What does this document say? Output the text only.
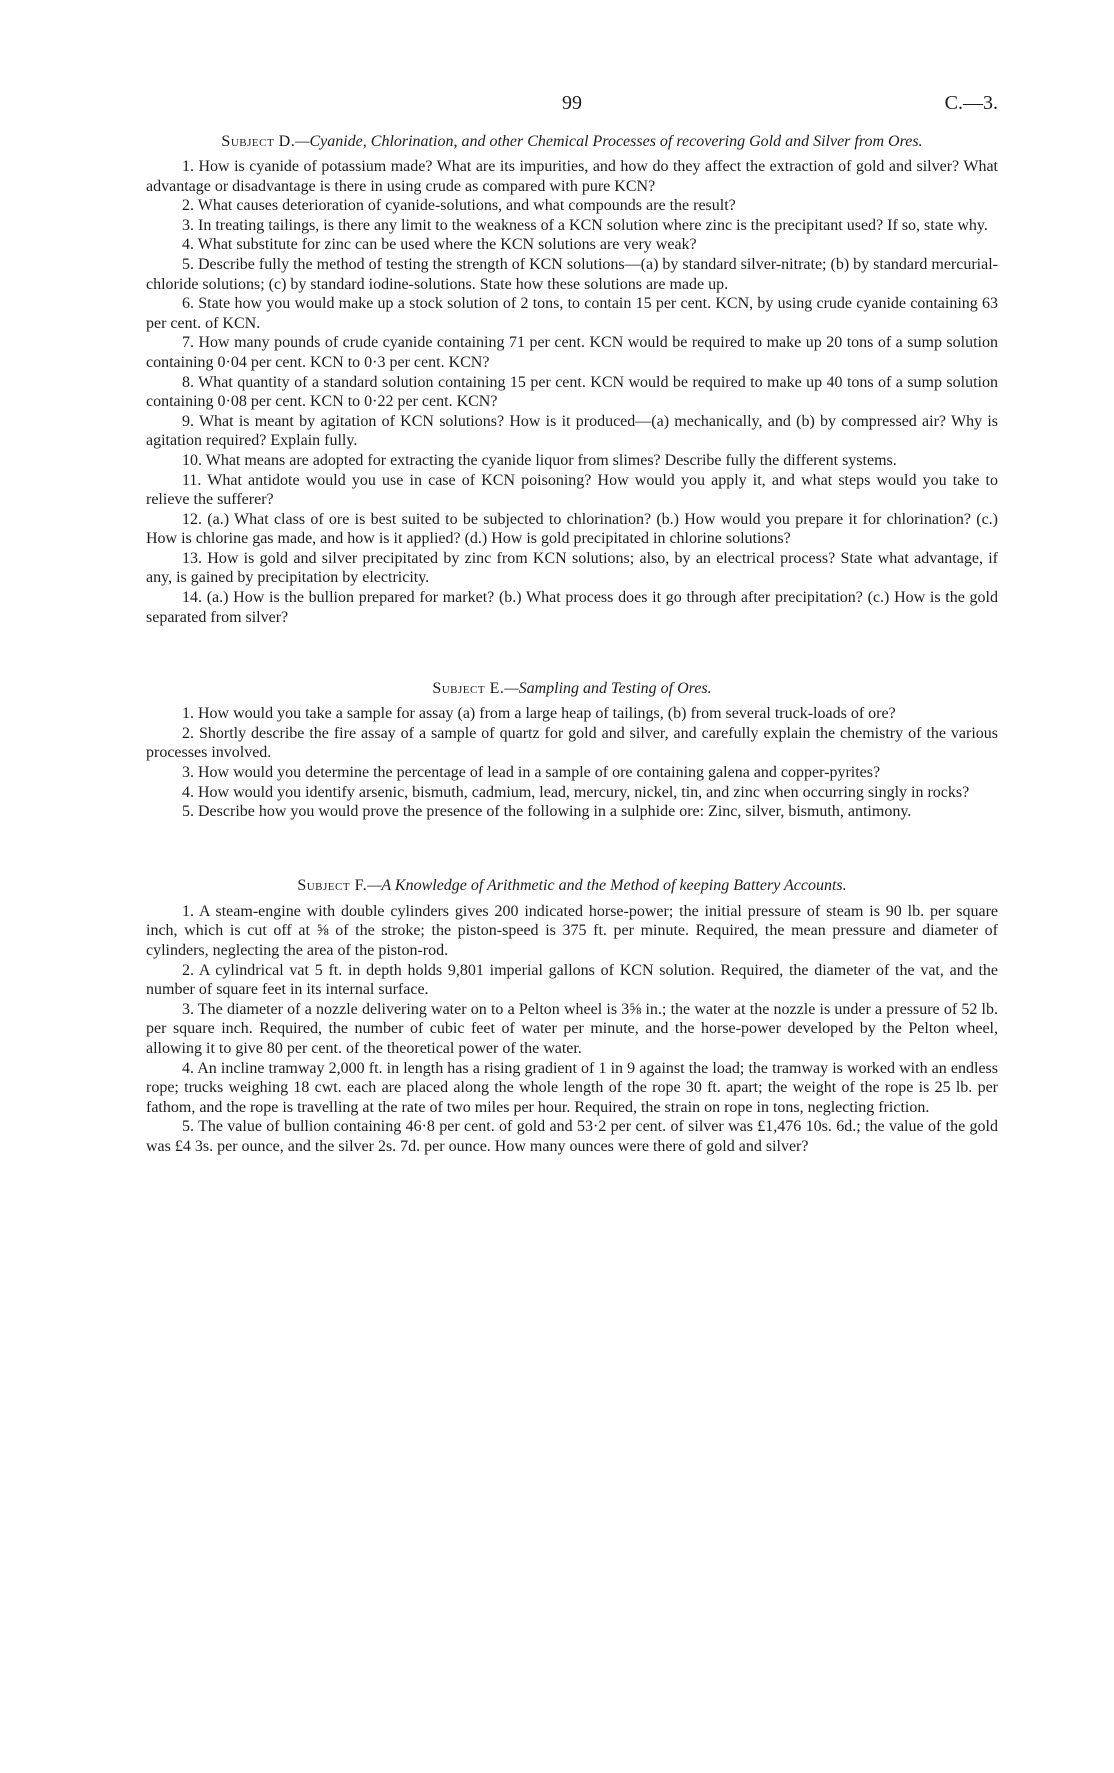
99	C.—3.
Subject D.—Cyanide, Chlorination, and other Chemical Processes of recovering Gold and Silver from Ores.

1. How is cyanide of potassium made? What are its impurities, and how do they affect the extraction of gold and silver? What advantage or disadvantage is there in using crude as compared with pure KCN?

2. What causes deterioration of cyanide-solutions, and what compounds are the result?

3. In treating tailings, is there any limit to the weakness of a KCN solution where zinc is the precipitant used? If so, state why.

4. What substitute for zinc can be used where the KCN solutions are very weak?

5. Describe fully the method of testing the strength of KCN solutions—(a) by standard silver-nitrate; (b) by standard mercurial-chloride solutions; (c) by standard iodine-solutions. State how these solutions are made up.

6. State how you would make up a stock solution of 2 tons, to contain 15 per cent. KCN, by using crude cyanide containing 63 per cent. of KCN.

7. How many pounds of crude cyanide containing 71 per cent. KCN would be required to make up 20 tons of a sump solution containing 0·04 per cent. KCN to 0·3 per cent. KCN?

8. What quantity of a standard solution containing 15 per cent. KCN would be required to make up 40 tons of a sump solution containing 0·08 per cent. KCN to 0·22 per cent. KCN?

9. What is meant by agitation of KCN solutions? How is it produced—(a) mechanically, and (b) by compressed air? Why is agitation required? Explain fully.

10. What means are adopted for extracting the cyanide liquor from slimes? Describe fully the different systems.

11. What antidote would you use in case of KCN poisoning? How would you apply it, and what steps would you take to relieve the sufferer?

12. (a.) What class of ore is best suited to be subjected to chlorination? (b.) How would you prepare it for chlorination? (c.) How is chlorine gas made, and how is it applied? (d.) How is gold precipitated in chlorine solutions?

13. How is gold and silver precipitated by zinc from KCN solutions; also, by an electrical process? State what advantage, if any, is gained by precipitation by electricity.

14. (a.) How is the bullion prepared for market? (b.) What process does it go through after precipitation? (c.) How is the gold separated from silver?

Subject E.—Sampling and Testing of Ores.

1. How would you take a sample for assay (a) from a large heap of tailings, (b) from several truck-loads of ore?

2. Shortly describe the fire assay of a sample of quartz for gold and silver, and carefully explain the chemistry of the various processes involved.

3. How would you determine the percentage of lead in a sample of ore containing galena and copper-pyrites?

4. How would you identify arsenic, bismuth, cadmium, lead, mercury, nickel, tin, and zinc when occurring singly in rocks?

5. Describe how you would prove the presence of the following in a sulphide ore: Zinc, silver, bismuth, antimony.

Subject F.—A Knowledge of Arithmetic and the Method of keeping Battery Accounts.

1. A steam-engine with double cylinders gives 200 indicated horse-power; the initial pressure of steam is 90 lb. per square inch, which is cut off at ⅝ of the stroke; the piston-speed is 375 ft. per minute. Required, the mean pressure and diameter of cylinders, neglecting the area of the piston-rod.

2. A cylindrical vat 5 ft. in depth holds 9,801 imperial gallons of KCN solution. Required, the diameter of the vat, and the number of square feet in its internal surface.

3. The diameter of a nozzle delivering water on to a Pelton wheel is 3⅝ in.; the water at the nozzle is under a pressure of 52 lb. per square inch. Required, the number of cubic feet of water per minute, and the horse-power developed by the Pelton wheel, allowing it to give 80 per cent. of the theoretical power of the water.

4. An incline tramway 2,000 ft. in length has a rising gradient of 1 in 9 against the load; the tramway is worked with an endless rope; trucks weighing 18 cwt. each are placed along the whole length of the rope 30 ft. apart; the weight of the rope is 25 lb. per fathom, and the rope is travelling at the rate of two miles per hour. Required, the strain on rope in tons, neglecting friction.

5. The value of bullion containing 46·8 per cent. of gold and 53·2 per cent. of silver was £1,476 10s. 6d.; the value of the gold was £4 3s. per ounce, and the silver 2s. 7d. per ounce. How many ounces were there of gold and silver?
